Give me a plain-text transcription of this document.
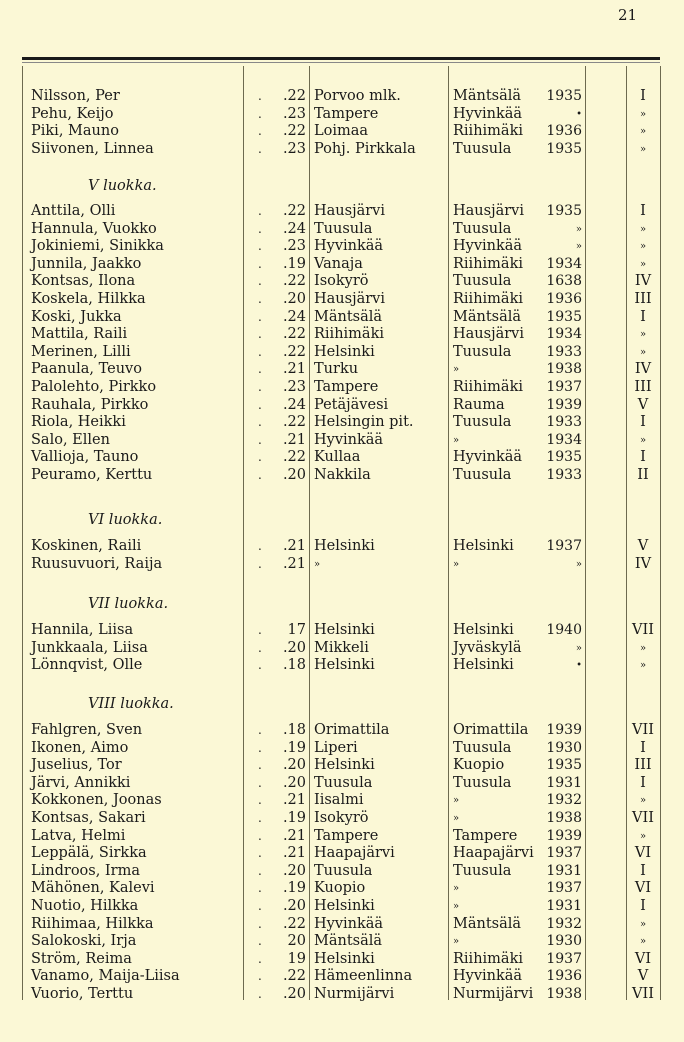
21
.
Nilsson, Per	.22 Porvoo mlk.	Mäntsälä 1935	I
.
Pehu, Keijo	.23 Tampere	Hyvinkää	•	»
.
Piki, Mauno	.22 Loimaa	Riihimäki 1936	»
.
Siivonen, Linnea	.23 Pohj. Pirkkala	Tuusula 1935	»
V luokka.
.
Anttila, Olli	.22 Hausjärvi	Hausjärvi 1935	I
.
Hannula, Vuokko	.24 Tuusula	Tuusula	»	»
.
Jokiniemi, Sinikka	.23 Hyvinkää	Hyvinkää	»	»
.
Junnila, Jaakko	.19 Vanaja	Riihimäki 1934	»
.
Kontsas, Ilona	.22 Isokyrö	Tuusula 1638	IV
.
Koskela, Hilkka	.20 Hausjärvi	Riihimäki 1936	III
.
Koski, Jukka	.24 Mäntsälä	Mäntsälä 1935	I
.
Mattila, Raili	.22 Riihimäki	Hausjärvi 1934	»
.
Merinen, Lilli	.22 Helsinki	Tuusula 1933	»
.
Paanula, Teuvo	.21 Turku	»	1938	IV
.
Palolehto, Pirkko	.23 Tampere	Riihimäki 1937	III
.
Rauhala, Pirkko	.24 Petäjävesi	Rauma	1939	V
.
Riola, Heikki	.22 Helsingin pit.	Tuusula 1933	I
.
Salo, Ellen	.21 Hyvinkää	»	1934	»
.
Vallioja, Tauno	.22 Kullaa	Hyvinkää 1935	I
.
Peuramo, Kerttu	.20 Nakkila	Tuusula 1933	II
VI luokka.
.
Koskinen, Raili	.21 Helsinki	Helsinki 1937	V
.
Ruusuvuori, Raija	.21 »	»	»	IV
VII luokka.
.
Hannila, Liisa	17 Helsinki	Helsinki 1940	VII
.
Junkkaala, Liisa	.20 Mikkeli	Jyväskylä	»	»
.
Lönnqvist, Olle	.18 Helsinki	Helsinki	•	»
VIII luokka.
.
Fahlgren, Sven	.18 Orimattila	Orimattila 1939	VII
.
Ikonen, Aimo	.19 Liperi	Tuusula 1930	I
.
Juselius, Tor	.20 Helsinki	Kuopio	1935	III
.
Järvi, Annikki	.20 Tuusula	Tuusula 1931	I
.
Kokkonen, Joonas	.21 Iisalmi	»	1932	»
.
Kontsas, Sakari	.19 Isokyrö	»	1938	VII
.
Latva, Helmi	.21 Tampere	Tampere 1939	»
.
Leppälä, Sirkka	.21 Haapajärvi	Haapajärvi 1937	VI
.
Lindroos, Irma	.20 Tuusula	Tuusula 1931	I
.
Mähönen, Kalevi	.19 Kuopio	»	1937	VI
.
Nuotio, Hilkka	.20 Helsinki	»	1931	I
.
Riihimaa, Hilkka	.22 Hyvinkää	Mäntsälä 1932	»
.
Salokoski, Irja	20 Mäntsälä	»	1930	»
.
Ström, Reima	19 Helsinki	Riihimäki 1937	VI
.
Vanamo, Maija-Liisa	.22 Hämeenlinna	Hyvinkää 1936	V
.
Vuorio, Terttu	.20 Nurmijärvi	Nurmijärvi 1938	VII
